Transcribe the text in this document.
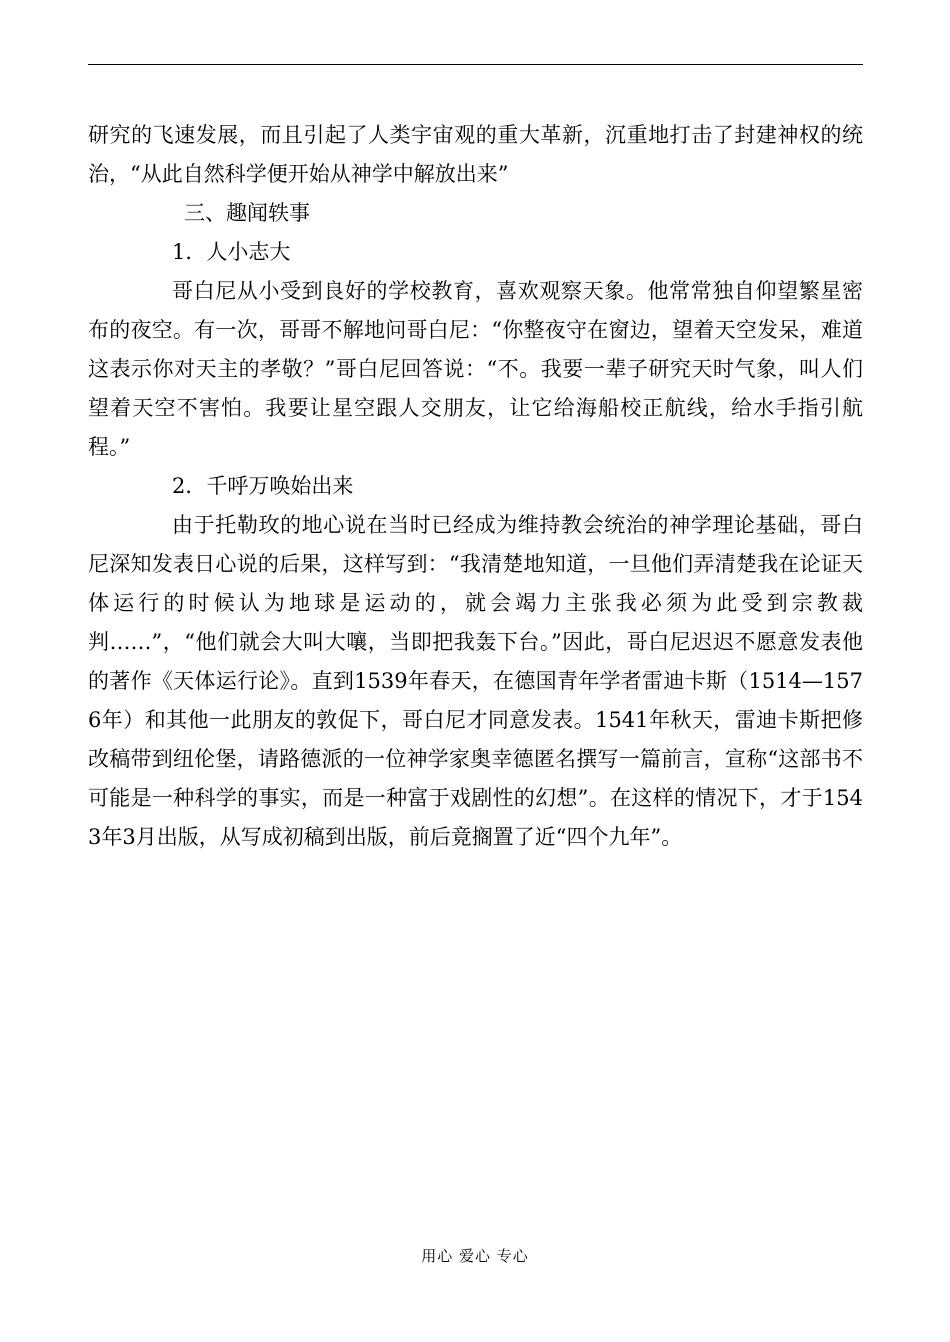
研究的飞速发展，而且引起了人类宇宙观的重大革新，沉重地打击了封建神权的统治，“从此自然科学便开始从神学中解放出来”

三、趣闻轶事

1．人小志大

哥白尼从小受到良好的学校教育，喜欢观察天象。他常常独自仰望繁星密布的夜空。有一次，哥哥不解地问哥白尼：“你整夜守在窗边，望着天空发呆，难道这表示你对天主的孝敬？”哥白尼回答说：“不。我要一辈子研究天时气象，叫人们望着天空不害怕。我要让星空跟人交朋友，让它给海船校正航线，给水手指引航程。”

2．千呼万唤始出来

由于托勒玫的地心说在当时已经成为维持教会统治的神学理论基础，哥白尼深知发表日心说的后果，这样写到：“我清楚地知道，一旦他们弄清楚我在论证天体运行的时候认为地球是运动的，就会竭力主张我必须为此受到宗教裁判……”，“他们就会大叫大嚷，当即把我轰下台。”因此，哥白尼迟迟不愿意发表他的著作《天体运行论》。直到1539年春天，在德国青年学者雷迪卡斯（1514—1576年）和其他一此朋友的敦促下，哥白尼才同意发表。1541年秋天，雷迪卡斯把修改稿带到纽伦堡，请路德派的一位神学家奥幸德匿名撰写一篇前言，宣称“这部书不可能是一种科学的事实，而是一种富于戏剧性的幻想”。在这样的情况下，才于1543年3月出版，从写成初稿到出版，前后竟搁置了近“四个九年”。

用心 爱心 专心
